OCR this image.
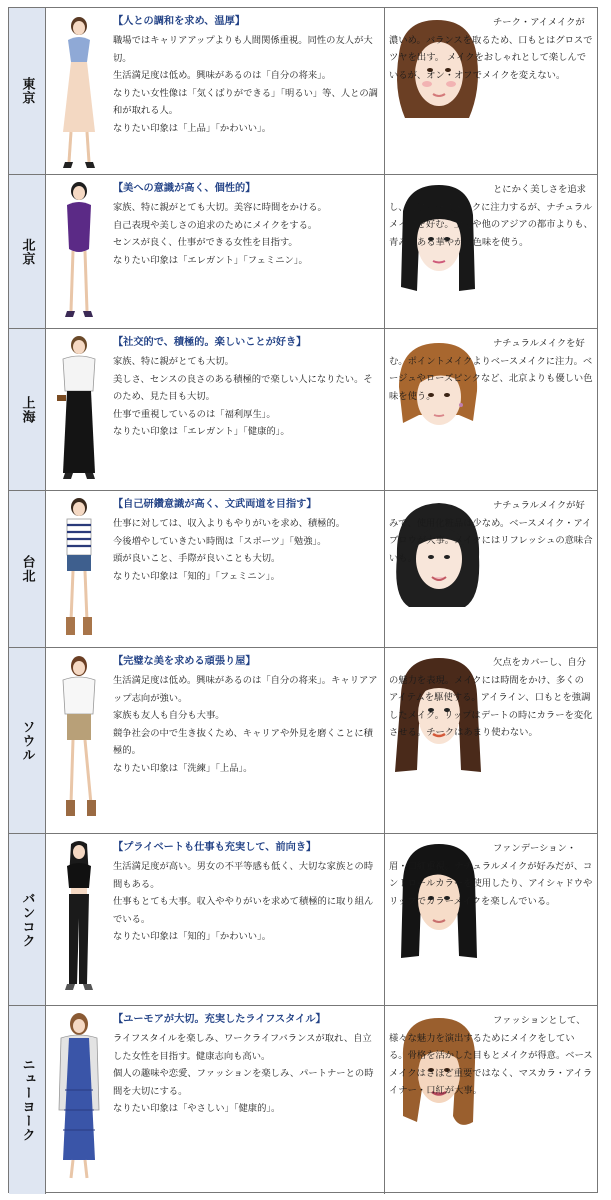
東京

【人との調和を求め、温厚】

職場ではキャリアアップよりも人間関係重視。同性の友人が大切。

生活満足度は低め。興味があるのは「自分の将来」。

なりたい女性像は「気くばりができる」「明るい」等、人との調和が取れる人。

なりたい印象は「上品」「かわいい」。

チーク・アイメイクが濃いめ。バランスを取るため、口もとはグロスでツヤを出す。 メイクをおしゃれとして楽しんでいるが、オン・オフでメイクを変えない。
北京

【美への意識が高く、個性的】

家族、特に親がとても大切。美容に時間をかける。

自己表現や美しさの追求のためにメイクをする。

センスが良く、仕事ができる女性を目指す。

なりたい印象は「エレガント」「フェミニン」。

とにかく美しさを追求し、特にベースメイクに注力するが、ナチュラルメイクを好む。上海や他のアジアの都市よりも、青みのある華やかな色味を使う。
上海

【社交的で、積極的。楽しいことが好き】

家族、特に親がとても大切。

美しさ、センスの良さのある積極的で楽しい人になりたい。そのため、見た目も大切。

仕事で重視しているのは「福利厚生」。

なりたい印象は「エレガント」「健康的」。

ナチュラルメイクを好む。ポイントメイクよりベースメイクに注力。ベージュやローズピンクなど、北京よりも優しい色味を使う。
台北

【自己研鑽意識が高く、文武両道を目指す】

仕事に対しては、収入よりもやりがいを求め、積極的。

今後増やしていきたい時間は「スポーツ」「勉強」。

頭が良いこと、手際が良いことも大切。

なりたい印象は「知的」「フェミニン」。

ナチュラルメイクが好みで、使用化粧品は少なめ。ベースメイク・アイブロウが大事。メイクにはリフレッシュの意味合いも。
ソウル

【完璧な美を求める頑張り屋】

生活満足度は低め。興味があるのは「自分の将来」。キャリアアップ志向が強い。

家族も友人も自分も大事。

競争社会の中で生き抜くため、キャリアや外見を磨くことに積極的。

なりたい印象は「洗練」「上品」。

欠点をカバーし、自分の魅力を表現。メイクには時間をかけ、多くのアイテムを駆使する。アイライン、口もとを強調したメイク。リップはデートの時にカラーを変化させる。チークはあまり使わない。
バンコク

【プライベートも仕事も充実して、前向き】

生活満足度が高い。男女の不平等感も低く、大切な家族との時間もある。

仕事もとても大事。収入ややりがいを求めて積極的に取り組んでいる。

なりたい印象は「知的」「かわいい」。

ファンデーション・眉・口紅重視。ナチュラルメイクが好みだが、コントロールカラーを使用したり、アイシャドウやリップでカラーメイクを楽しんでいる。
ニューヨーク

【ユーモアが大切。充実したライフスタイル】

ライフスタイルを楽しみ、ワークライフバランスが取れ、自立した女性を目指す。健康志向も高い。

個人の趣味や恋愛、ファッションを楽しみ、パートナーとの時間を大切にする。

なりたい印象は「やさしい」「健康的」。

ファッションとして、様々な魅力を演出するためにメイクをしている。骨格を活かした目もとメイクが得意。ベースメイクはさほど重要ではなく、マスカラ・アイライナー・口紅が大事。
